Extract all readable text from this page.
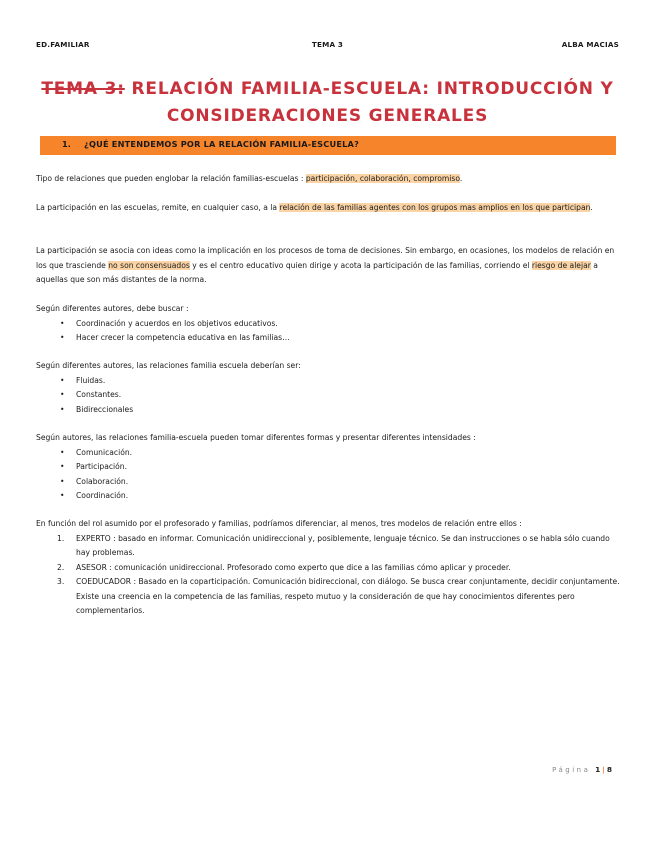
ED.FAMILIAR	TEMA 3	ALBA MACIAS
TEMA 3: RELACIÓN FAMILIA-ESCUELA: INTRODUCCIÓN Y CONSIDERACIONES GENERALES
1. ¿QUÉ ENTENDEMOS POR LA RELACIÓN FAMILIA-ESCUELA?
Tipo de relaciones que pueden englobar la relación familias-escuelas : participación, colaboración, compromiso.
La participación en las escuelas, remite, en cualquier caso, a la relación de las familias agentes con los grupos mas amplios en los que participan.
La participación se asocia con ideas como la implicación en los procesos de toma de decisiones. Sin embargo, en ocasiones, los modelos de relación en los que trasciende no son consensuados y es el centro educativo quien dirige y acota la participación de las familias, corriendo el riesgo de alejar a aquellas que son más distantes de la norma.
Según diferentes autores, debe buscar :
• Coordinación y acuerdos en los objetivos educativos.
• Hacer crecer la competencia educativa en las familias…
Según diferentes autores, las relaciones familia escuela deberían ser:
• Fluidas.
• Constantes.
• Bidireccionales
Según autores, las relaciones familia-escuela pueden tomar diferentes formas y presentar diferentes intensidades :
• Comunicación.
• Participación.
• Colaboración.
• Coordinación.
En función del rol asumido por el profesorado y familias, podríamos diferenciar, al menos, tres modelos de relación entre ellos :
1. EXPERTO : basado en informar. Comunicación unidireccional y, posiblemente, lenguaje técnico. Se dan instrucciones o se habla sólo cuando hay problemas.
2. ASESOR : comunicación unidireccional. Profesorado como experto que dice a las familias cómo aplicar y proceder.
3. COEDUCADOR : Basado en la coparticipación. Comunicación bidireccional, con diálogo. Se busca crear conjuntamente, decidir conjuntamente. Existe una creencia en la competencia de las familias, respeto mutuo y la consideración de que hay conocimientos diferentes pero complementarios.
Página 1 | 8
